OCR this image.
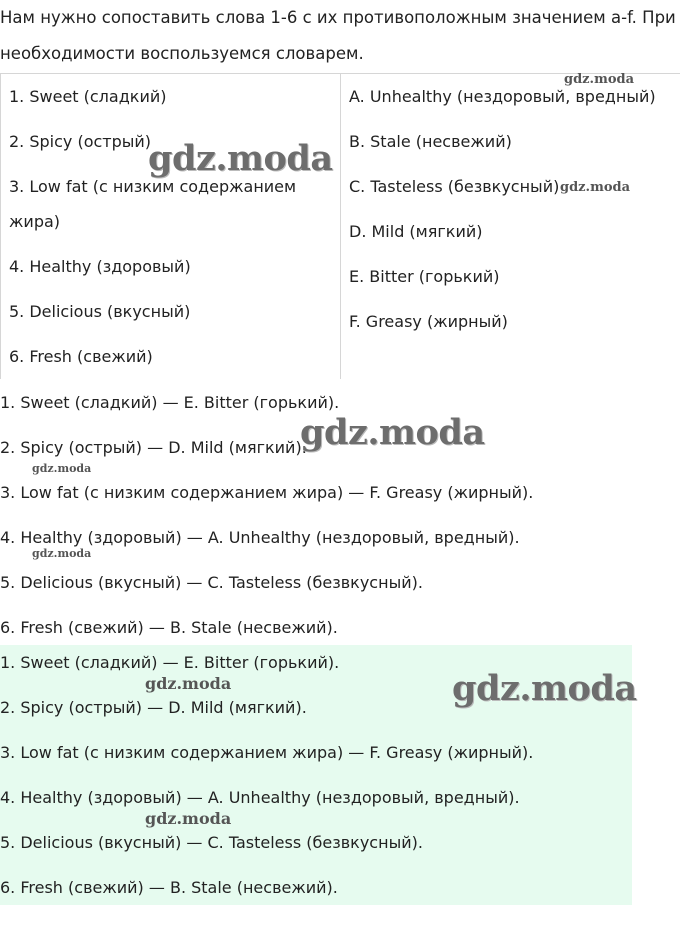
Нам нужно сопоставить слова 1-6 с их противоположным значением a-f. При необходимости воспользуемся словарем.
1. Sweet (сладкий)
2. Spicy (острый)
3. Low fat (с низким содержанием жира)
4. Healthy (здоровый)
5. Delicious (вкусный)
6. Fresh (свежий)

A. Unhealthy (нездоровый, вредный)
B. Stale (несвежий)
C. Tasteless (безвкусный)
D. Mild (мягкий)
E. Bitter (горький)
F. Greasy (жирный)
1. Sweet (сладкий) — E. Bitter (горький).
2. Spicy (острый) — D. Mild (мягкий).
3. Low fat (с низким содержанием жира) — F. Greasy (жирный).
4. Healthy (здоровый) — A. Unhealthy (нездоровый, вредный).
5. Delicious (вкусный) — C. Tasteless (безвкусный).
6. Fresh (свежий) — B. Stale (несвежий).
1. Sweet (сладкий) — E. Bitter (горький).
2. Spicy (острый) — D. Mild (мягкий).
3. Low fat (с низким содержанием жира) — F. Greasy (жирный).
4. Healthy (здоровый) — A. Unhealthy (нездоровый, вредный).
5. Delicious (вкусный) — C. Tasteless (безвкусный).
6. Fresh (свежий) — B. Stale (несвежий).
gdz.moda
gdz.moda
gdz.moda
gdz.moda
gdz.moda
gdz.moda
gdz.moda	gdz.moda
gdz.moda
